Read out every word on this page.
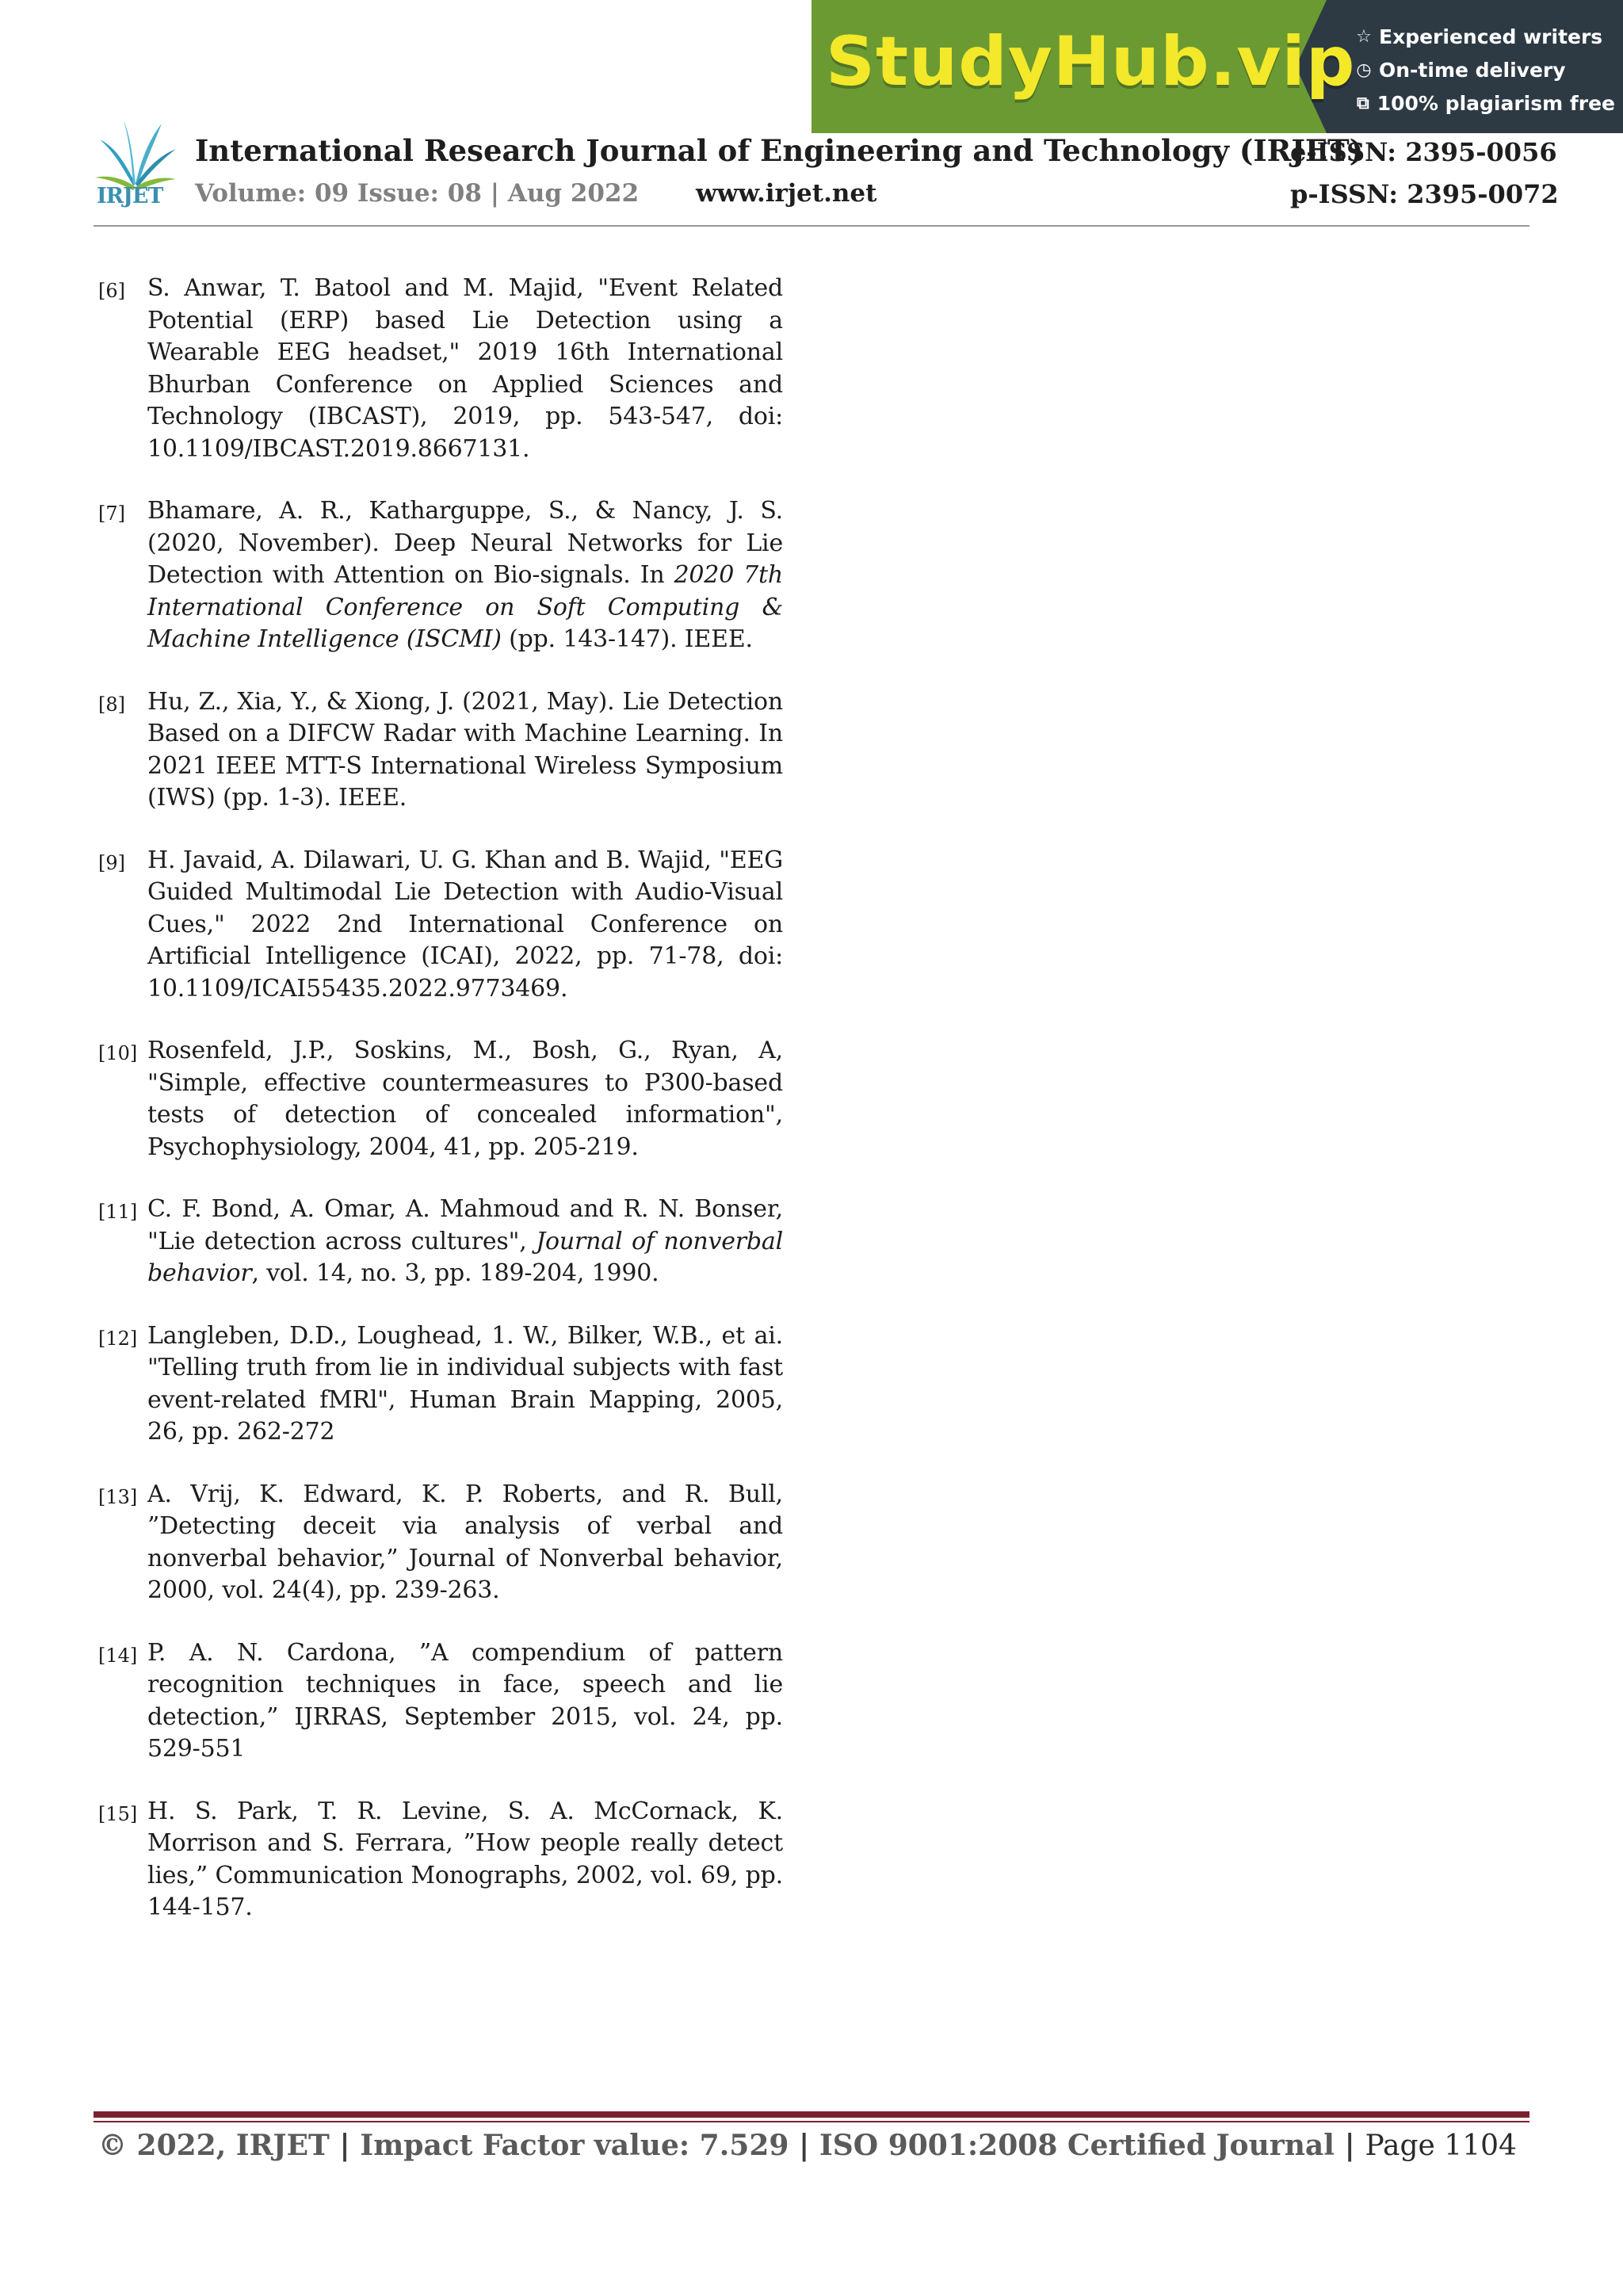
StudyHub.vip ☆ Experienced writers
◷ On-time delivery
⧉ 100% plagiarism free
IRJET
International Research Journal of Engineering and Technology (IRJET)
Volume: 09 Issue: 08 | Aug 2022 www.irjet.net
e-ISSN: 2395-0056
p-ISSN: 2395-0072
[6] S. Anwar, T. Batool and M. Majid, "Event Related Potential (ERP) based Lie Detection using a Wearable EEG headset," 2019 16th International Bhurban Conference on Applied Sciences and Technology (IBCAST), 2019, pp. 543-547, doi: 10.1109/IBCAST.2019.8667131.
[7] Bhamare, A. R., Katharguppe, S., & Nancy, J. S. (2020, November). Deep Neural Networks for Lie Detection with Attention on Bio-signals. In 2020 7th International Conference on Soft Computing & Machine Intelligence (ISCMI) (pp. 143-147). IEEE.
[8] Hu, Z., Xia, Y., & Xiong, J. (2021, May). Lie Detection Based on a DIFCW Radar with Machine Learning. In 2021 IEEE MTT-S International Wireless Symposium (IWS) (pp. 1-3). IEEE.
[9] H. Javaid, A. Dilawari, U. G. Khan and B. Wajid, "EEG Guided Multimodal Lie Detection with Audio-Visual Cues," 2022 2nd International Conference on Artificial Intelligence (ICAI), 2022, pp. 71-78, doi: 10.1109/ICAI55435.2022.9773469.
[10] Rosenfeld, J.P., Soskins, M., Bosh, G., Ryan, A, "Simple, effective countermeasures to P300-based tests of detection of concealed information", Psychophysiology, 2004, 41, pp. 205-219.
[11] C. F. Bond, A. Omar, A. Mahmoud and R. N. Bonser, "Lie detection across cultures", Journal of nonverbal behavior, vol. 14, no. 3, pp. 189-204, 1990.
[12] Langleben, D.D., Loughead, 1. W., Bilker, W.B., et ai. "Telling truth from lie in individual subjects with fast event-related fMRl", Human Brain Mapping, 2005, 26, pp. 262-272
[13] A. Vrij, K. Edward, K. P. Roberts, and R. Bull, ”Detecting deceit via analysis of verbal and nonverbal behavior,” Journal of Nonverbal behavior, 2000, vol. 24(4), pp. 239-263.
[14] P. A. N. Cardona, ”A compendium of pattern recognition techniques in face, speech and lie detection,” IJRRAS, September 2015, vol. 24, pp. 529-551
[15] H. S. Park, T. R. Levine, S. A. McCornack, K. Morrison and S. Ferrara, ”How people really detect lies,” Communication Monographs, 2002, vol. 69, pp. 144-157.
© 2022, IRJET | Impact Factor value: 7.529 | ISO 9001:2008 Certified Journal | Page 1104
